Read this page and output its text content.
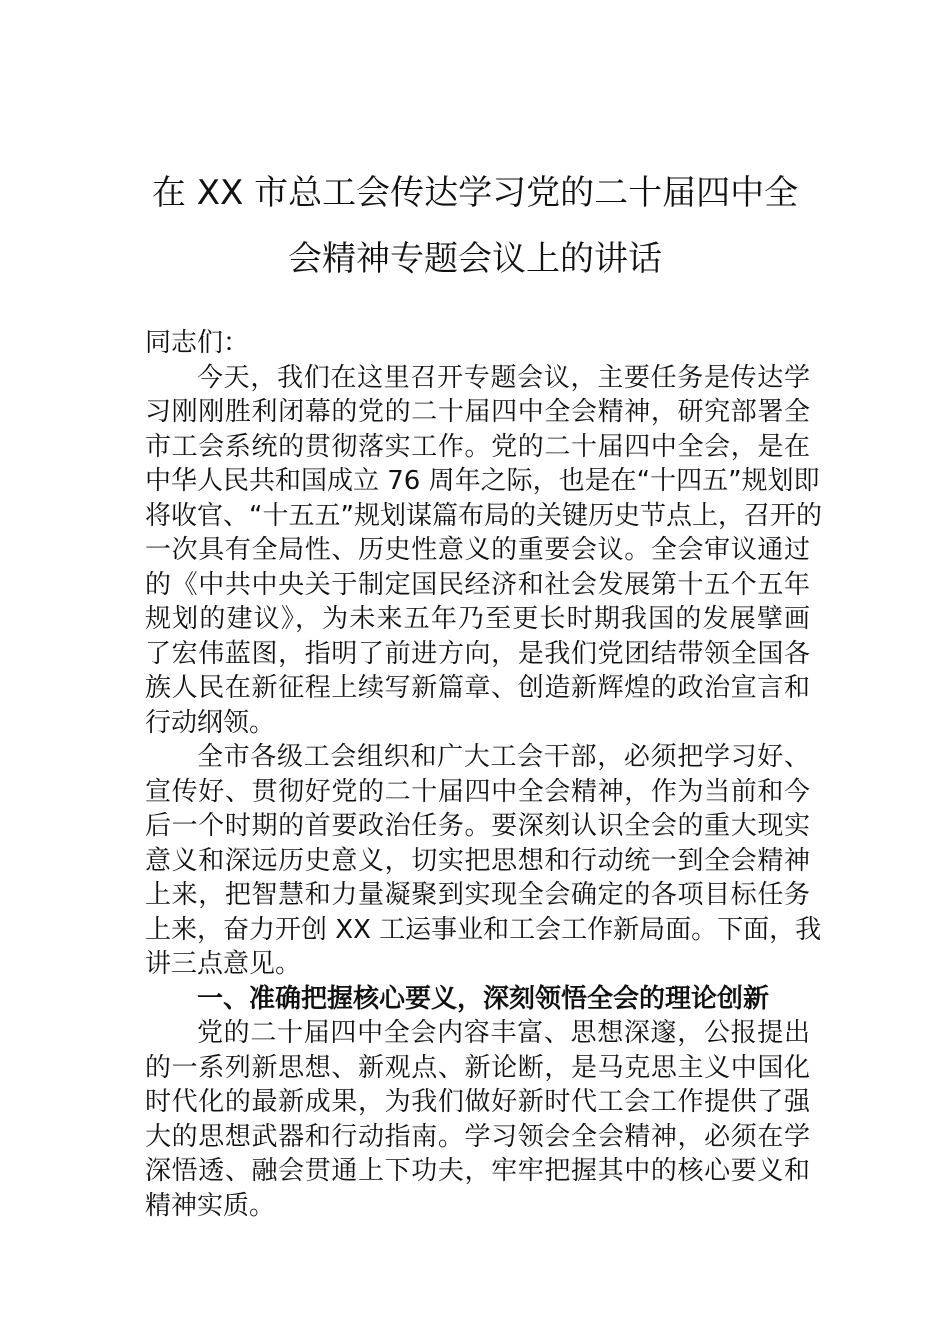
在 XX 市总工会传达学习党的二十届四中全
会精神专题会议上的讲话
同志们：
今天，我们在这里召开专题会议，主要任务是传达学
习刚刚胜利闭幕的党的二十届四中全会精神，研究部署全
市工会系统的贯彻落实工作。党的二十届四中全会，是在
中华人民共和国成立 76 周年之际，也是在“十四五”规划即
将收官、“十五五”规划谋篇布局的关键历史节点上，召开的
一次具有全局性、历史性意义的重要会议。全会审议通过
的《中共中央关于制定国民经济和社会发展第十五个五年
规划的建议》，为未来五年乃至更长时期我国的发展擘画
了宏伟蓝图，指明了前进方向，是我们党团结带领全国各
族人民在新征程上续写新篇章、创造新辉煌的政治宣言和
行动纲领。
全市各级工会组织和广大工会干部，必须把学习好、
宣传好、贯彻好党的二十届四中全会精神，作为当前和今
后一个时期的首要政治任务。要深刻认识全会的重大现实
意义和深远历史意义，切实把思想和行动统一到全会精神
上来，把智慧和力量凝聚到实现全会确定的各项目标任务
上来，奋力开创 XX 工运事业和工会工作新局面。下面，我
讲三点意见。
一、准确把握核心要义，深刻领悟全会的理论创新
党的二十届四中全会内容丰富、思想深邃，公报提出
的一系列新思想、新观点、新论断，是马克思主义中国化
时代化的最新成果，为我们做好新时代工会工作提供了强
大的思想武器和行动指南。学习领会全会精神，必须在学
深悟透、融会贯通上下功夫，牢牢把握其中的核心要义和
精神实质。
